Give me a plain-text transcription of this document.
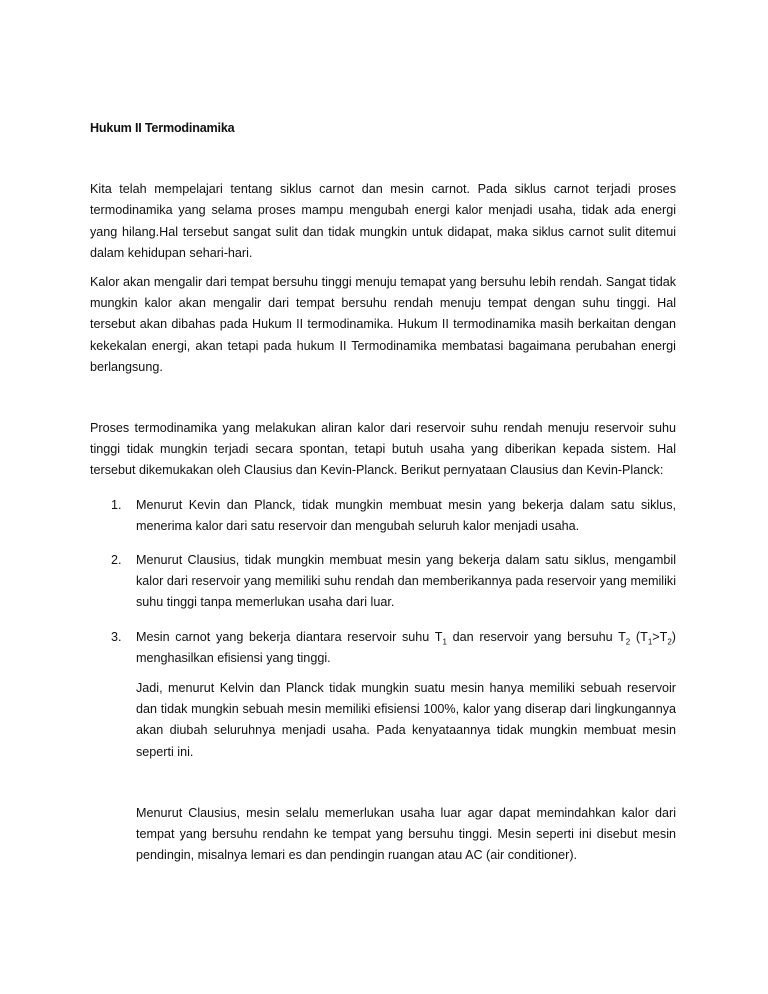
Hukum II Termodinamika

Kita telah mempelajari tentang siklus carnot dan mesin carnot. Pada siklus carnot terjadi proses termodinamika yang selama proses mampu mengubah energi kalor menjadi usaha, tidak ada energi yang hilang.Hal tersebut sangat sulit dan tidak mungkin untuk didapat, maka siklus carnot sulit ditemui dalam kehidupan sehari-hari.

Kalor akan mengalir dari tempat bersuhu tinggi menuju temapat yang bersuhu lebih rendah. Sangat tidak mungkin kalor akan mengalir dari tempat bersuhu rendah menuju tempat dengan suhu tinggi. Hal tersebut akan dibahas pada Hukum II termodinamika. Hukum II termodinamika masih berkaitan dengan kekekalan energi, akan tetapi pada hukum II Termodinamika membatasi bagaimana perubahan energi berlangsung.

Proses termodinamika yang melakukan aliran kalor dari reservoir suhu rendah menuju reservoir suhu tinggi tidak mungkin terjadi secara spontan, tetapi butuh usaha yang diberikan kepada sistem. Hal tersebut dikemukakan oleh Clausius dan Kevin-Planck. Berikut pernyataan Clausius dan Kevin-Planck:

1. Menurut Kevin dan Planck, tidak mungkin membuat mesin yang bekerja dalam satu siklus, menerima kalor dari satu reservoir dan mengubah seluruh kalor menjadi usaha.

2. Menurut Clausius, tidak mungkin membuat mesin yang bekerja dalam satu siklus, mengambil kalor dari reservoir yang memiliki suhu rendah dan memberikannya pada reservoir yang memiliki suhu tinggi tanpa memerlukan usaha dari luar.

3. Mesin carnot yang bekerja diantara reservoir suhu $T_1$ dan reservoir yang bersuhu $T_2$ $(T_1>T_2)$ menghasilkan efisiensi yang tinggi.

Jadi, menurut Kelvin dan Planck tidak mungkin suatu mesin hanya memiliki sebuah reservoir dan tidak mungkin sebuah mesin memiliki efisiensi 100%, kalor yang diserap dari lingkungannya akan diubah seluruhnya menjadi usaha. Pada kenyataannya tidak mungkin membuat mesin seperti ini.

Menurut Clausius, mesin selalu memerlukan usaha luar agar dapat memindahkan kalor dari tempat yang bersuhu rendahn ke tempat yang bersuhu tinggi. Mesin seperti ini disebut mesin pendingin, misalnya lemari es dan pendingin ruangan atau AC (air conditioner).
